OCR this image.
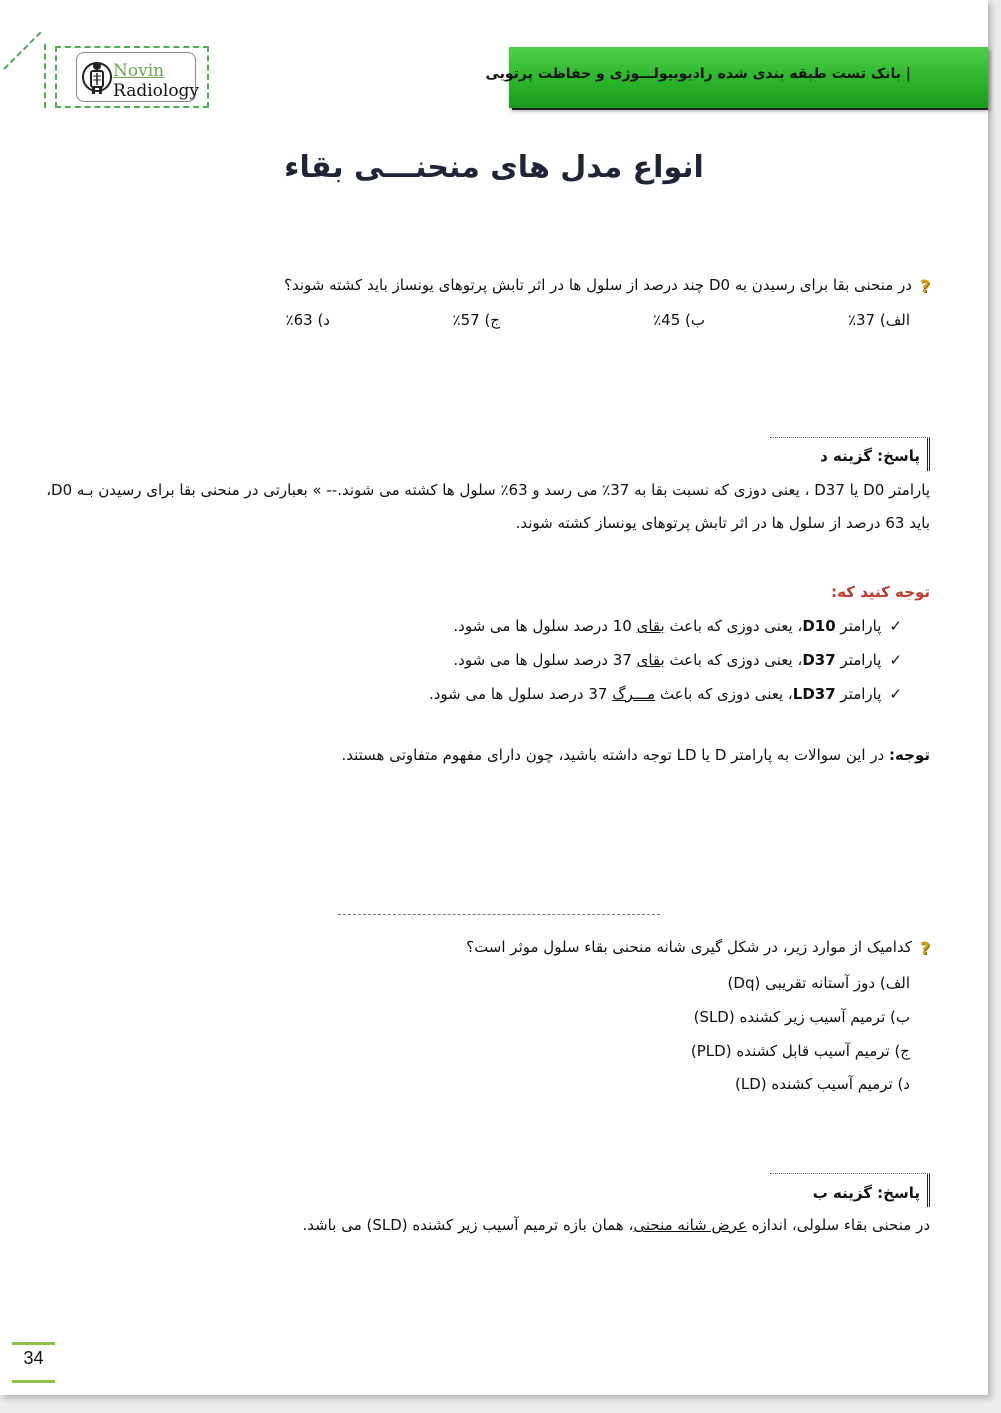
Novin
Radiology
| بانک تست طبقه بندی شده رادیوبیولـــوژی و حفاظت پرتویی
انواع مدل های منحنـــی بقاء
?در منحنی بقا برای رسیدن به D0 چند درصد از سلول ها در اثر تابش پرتوهای یونساز باید کشته شوند؟
الف) 37٪
ب) 45٪
ج) 57٪
د) 63٪
پاسخ: گزینه د
پارامتر D0 یا D37 ، یعنی دوزی که نسبت بقا به 37٪ می رسد و 63٪ سلول ها کشته می شوند.-- » بعبارتی در منحنی بقا برای رسیدن بـه D0،
باید 63 درصد از سلول ها در اثر تابش پرتوهای یونساز کشته شوند.
توجه کنید که:
✓پارامتر D10، یعنی دوزی که باعث بقای 10 درصد سلول ها می شود.
✓پارامتر D37، یعنی دوزی که باعث بقای 37 درصد سلول ها می شود.
✓پارامتر LD37، یعنی دوزی که باعث مـــرگ 37 درصد سلول ها می شود.
توجه: در این سوالات به پارامتر D یا LD توجه داشته باشید، چون دارای مفهوم متفاوتی هستند.
?کدامیک از موارد زیر، در شکل گیری شانه منحنی بقاء سلول موثر است؟
الف) دوز آستانه تقریبی (Dq)
ب) ترمیم آسیب زیر کشنده (SLD)
ج) ترمیم آسیب قابل کشنده (PLD)
د) ترمیم آسیب کشنده (LD)
پاسخ: گزینه ب
در منحنی بقاء سلولی، اندازه عرض شانه منحنی، همان بازه ترمیم آسیب زیر کشنده (SLD) می باشد.
34
